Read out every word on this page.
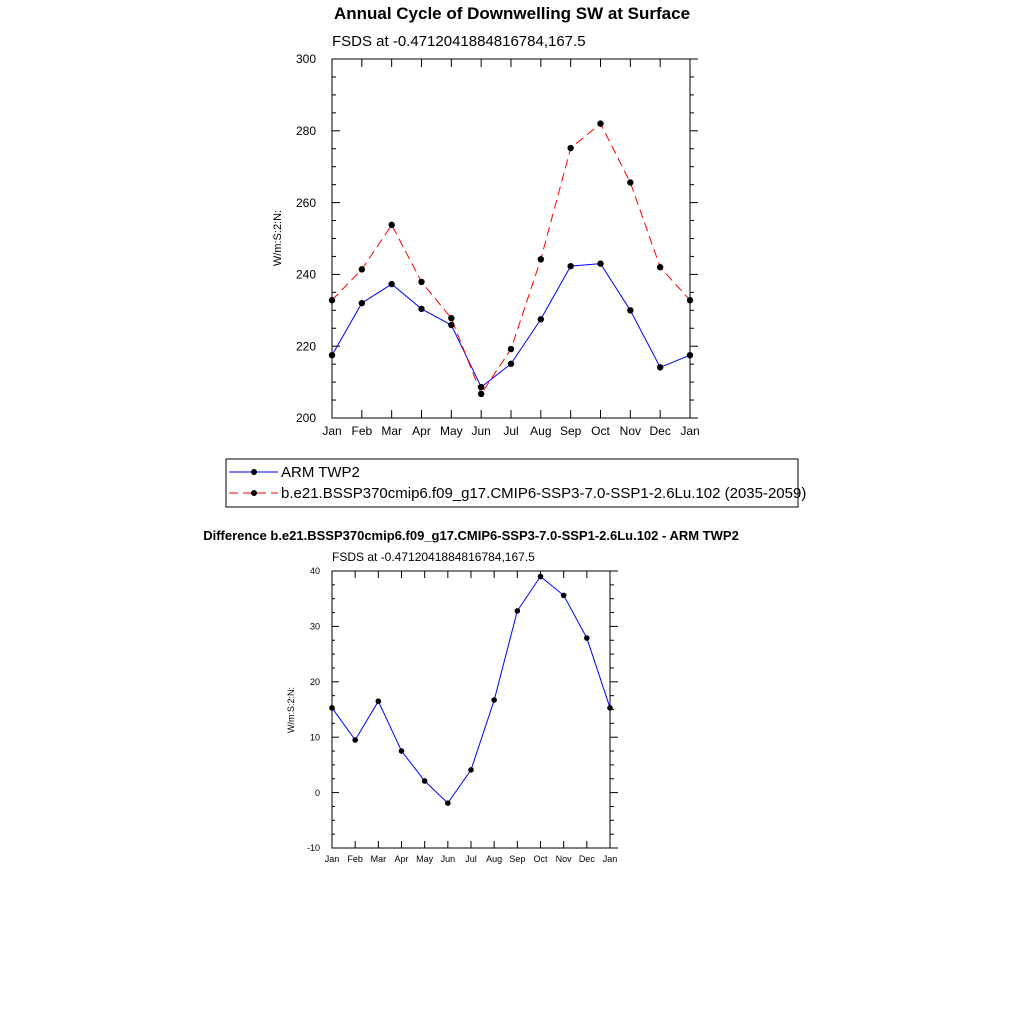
Annual Cycle of Downwelling SW at Surface
FSDS at -0.4712041884816784,167.5
W/m:S:2:N:
Jan Feb Mar Apr May Jun Jul Aug Sep Oct Nov Dec Jan
200
220
240
260
280
300
ARM TWP2
b.e21.BSSP370cmip6.f09_g17.CMIP6-SSP3-7.0-SSP1-2.6Lu.102 (2035-2059)
Difference b.e21.BSSP370cmip6.f09_g17.CMIP6-SSP3-7.0-SSP1-2.6Lu.102 - ARM TWP2
FSDS at -0.4712041884816784,167.5
W/m:S:2:N:
Jan Feb Mar Apr May Jun Jul Aug Sep Oct Nov Dec Jan
-10
0
10
20
30
40
